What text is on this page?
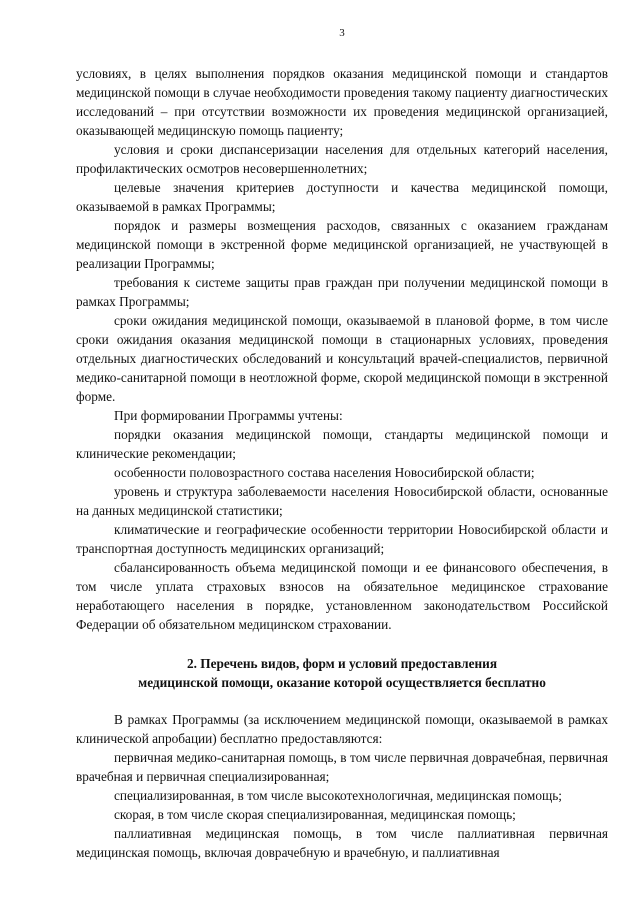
3

условиях, в целях выполнения порядков оказания медицинской помощи и стандартов медицинской помощи в случае необходимости проведения такому пациенту диагностических исследований – при отсутствии возможности их проведения медицинской организацией, оказывающей медицинскую помощь пациенту;

условия и сроки диспансеризации населения для отдельных категорий населения, профилактических осмотров несовершеннолетних;

целевые значения критериев доступности и качества медицинской помощи, оказываемой в рамках Программы;

порядок и размеры возмещения расходов, связанных с оказанием гражданам медицинской помощи в экстренной форме медицинской организацией, не участвующей в реализации Программы;

требования к системе защиты прав граждан при получении медицинской помощи в рамках Программы;

сроки ожидания медицинской помощи, оказываемой в плановой форме, в том числе сроки ожидания оказания медицинской помощи в стационарных условиях, проведения отдельных диагностических обследований и консультаций врачей-специалистов, первичной медико-санитарной помощи в неотложной форме, скорой медицинской помощи в экстренной форме.

При формировании Программы учтены:

порядки оказания медицинской помощи, стандарты медицинской помощи и клинические рекомендации;

особенности половозрастного состава населения Новосибирской области;

уровень и структура заболеваемости населения Новосибирской области, основанные на данных медицинской статистики;

климатические и географические особенности территории Новосибирской области и транспортная доступность медицинских организаций;

сбалансированность объема медицинской помощи и ее финансового обеспечения, в том числе уплата страховых взносов на обязательное медицинское страхование неработающего населения в порядке, установленном законодательством Российской Федерации об обязательном медицинском страховании.

2. Перечень видов, форм и условий предоставления
медицинской помощи, оказание которой осуществляется бесплатно

В рамках Программы (за исключением медицинской помощи, оказываемой в рамках клинической апробации) бесплатно предоставляются:

первичная медико-санитарная помощь, в том числе первичная доврачебная, первичная врачебная и первичная специализированная;

специализированная, в том числе высокотехнологичная, медицинская помощь;

скорая, в том числе скорая специализированная, медицинская помощь;

паллиативная медицинская помощь, в том числе паллиативная первичная медицинская помощь, включая доврачебную и врачебную, и паллиативная
